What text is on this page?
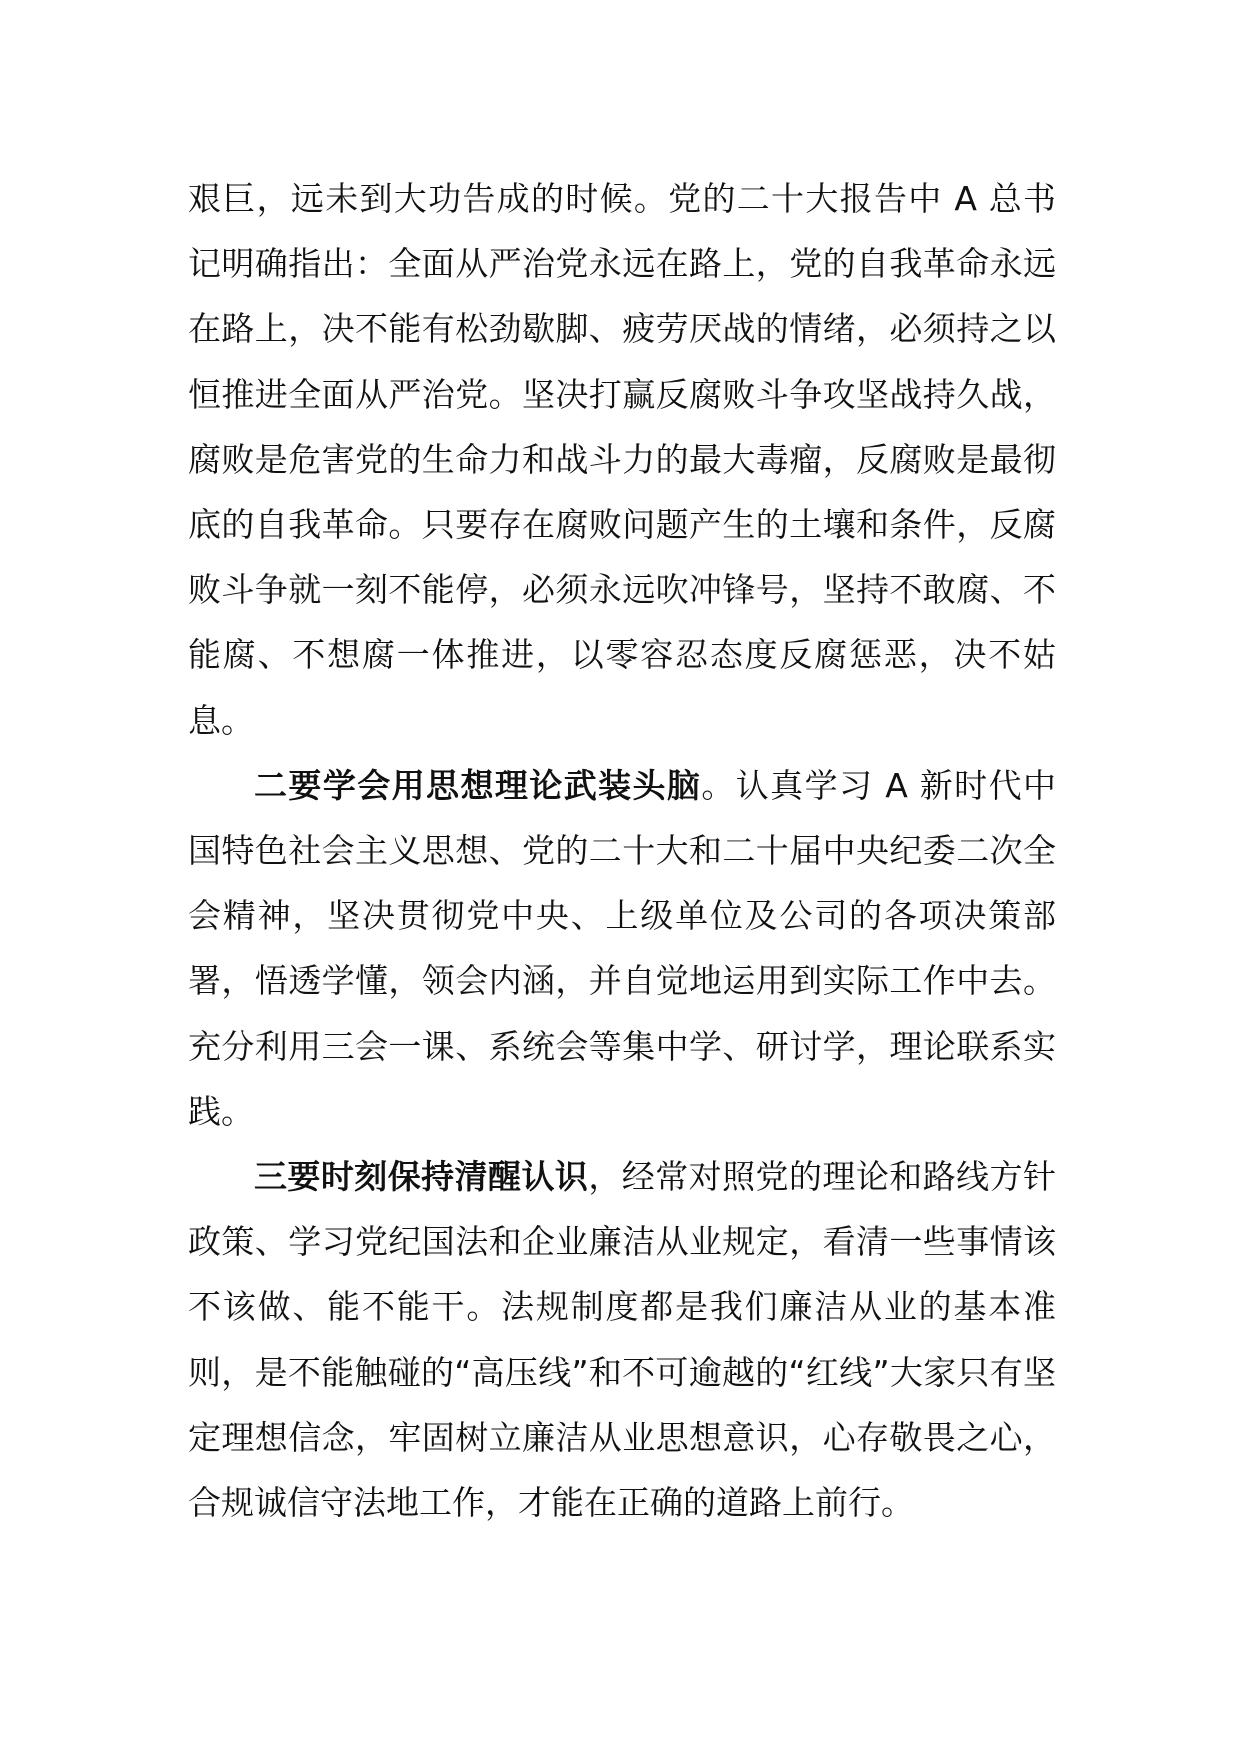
艰巨，远未到大功告成的时候。党的二十大报告中 A 总书记明确指出：全面从严治党永远在路上，党的自我革命永远在路上，决不能有松劲歇脚、疲劳厌战的情绪，必须持之以恒推进全面从严治党。坚决打赢反腐败斗争攻坚战持久战，腐败是危害党的生命力和战斗力的最大毒瘤，反腐败是最彻底的自我革命。只要存在腐败问题产生的土壤和条件，反腐败斗争就一刻不能停，必须永远吹冲锋号，坚持不敢腐、不能腐、不想腐一体推进，以零容忍态度反腐惩恶，决不姑息。

二要学会用思想理论武装头脑。认真学习 A 新时代中国特色社会主义思想、党的二十大和二十届中央纪委二次全会精神，坚决贯彻党中央、上级单位及公司的各项决策部署，悟透学懂，领会内涵，并自觉地运用到实际工作中去。充分利用三会一课、系统会等集中学、研讨学，理论联系实践。

三要时刻保持清醒认识，经常对照党的理论和路线方针政策、学习党纪国法和企业廉洁从业规定，看清一些事情该不该做、能不能干。法规制度都是我们廉洁从业的基本准则，是不能触碰的“高压线”和不可逾越的“红线”大家只有坚定理想信念，牢固树立廉洁从业思想意识，心存敬畏之心，合规诚信守法地工作，才能在正确的道路上前行。
